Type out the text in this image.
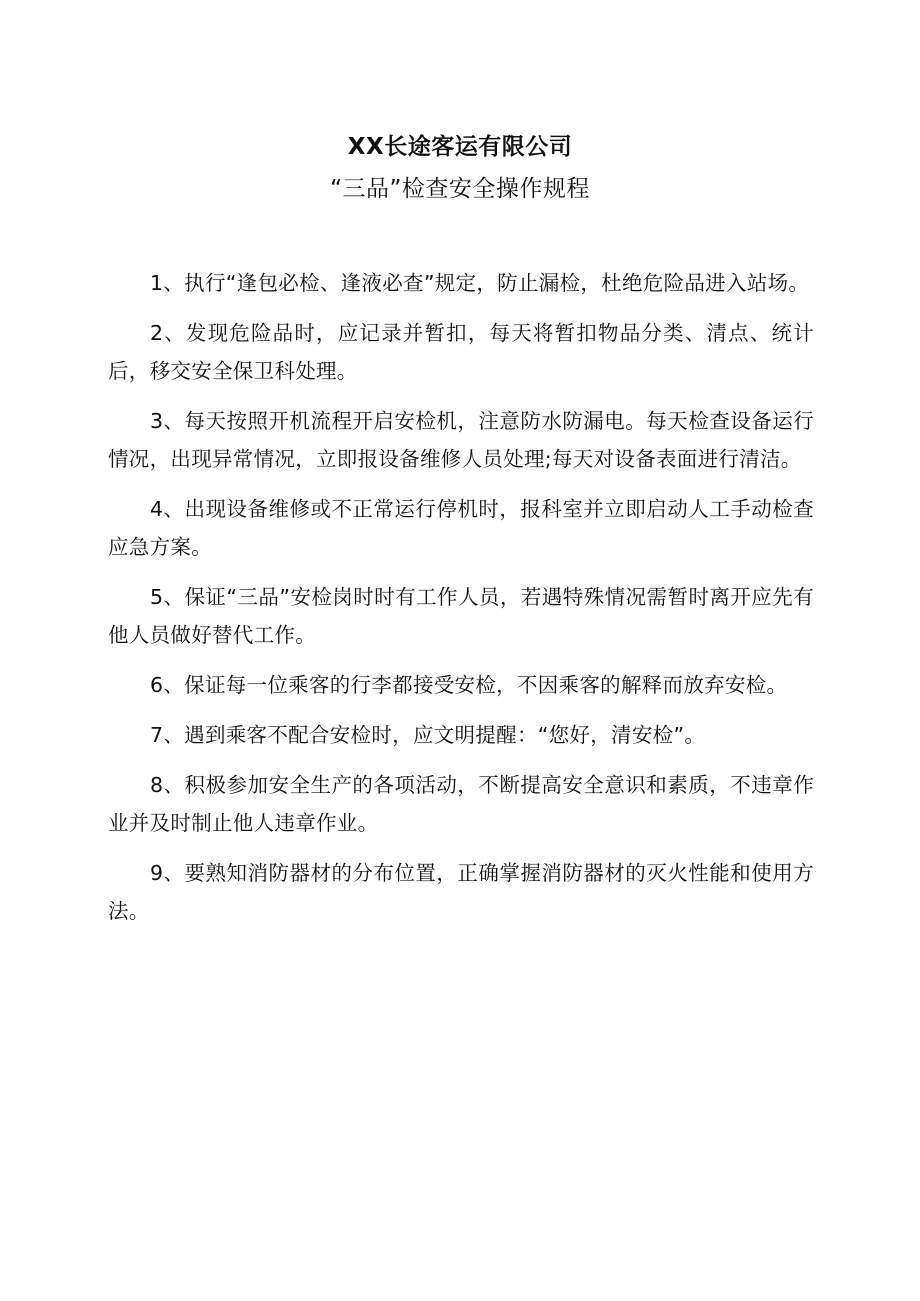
XX长途客运有限公司
“三品”检查安全操作规程

1、执行“逢包必检、逢液必查”规定，防止漏检，杜绝危险品进入站场。

2、发现危险品时，应记录并暂扣，每天将暂扣物品分类、清点、统计后，移交安全保卫科处理。

3、每天按照开机流程开启安检机，注意防水防漏电。每天检查设备运行情况，出现异常情况，立即报设备维修人员处理;每天对设备表面进行清洁。

4、出现设备维修或不正常运行停机时，报科室并立即启动人工手动检查应急方案。

5、保证“三品”安检岗时时有工作人员，若遇特殊情况需暂时离开应先有他人员做好替代工作。

6、保证每一位乘客的行李都接受安检，不因乘客的解释而放弃安检。

7、遇到乘客不配合安检时，应文明提醒：“您好，清安检”。

8、积极参加安全生产的各项活动，不断提高安全意识和素质，不违章作业并及时制止他人违章作业。

9、要熟知消防器材的分布位置，正确掌握消防器材的灭火性能和使用方法。
